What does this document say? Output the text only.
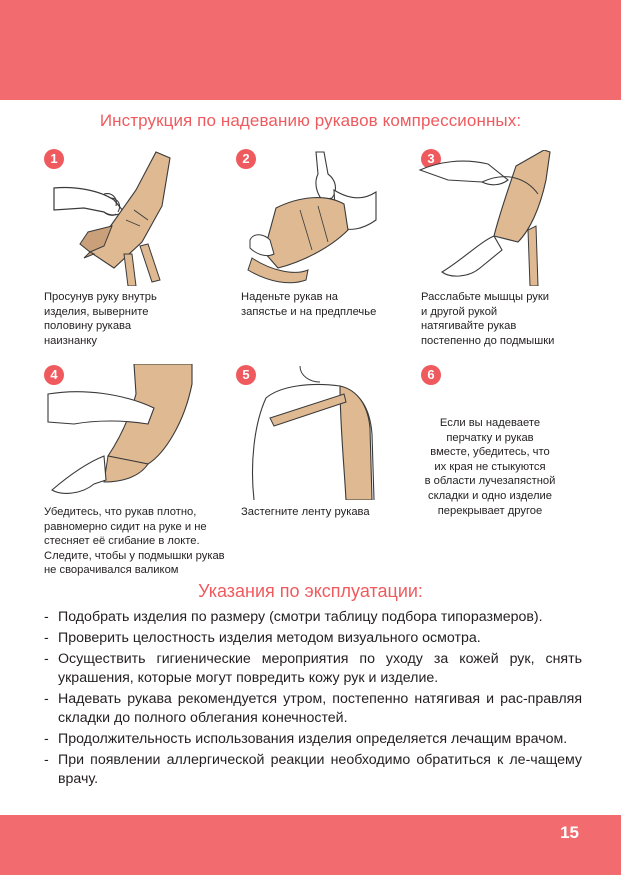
Инструкция по надеванию рукавов компрессионных:
1
Просунув руку внутрь
изделия, выверните
половину рукава
наизнанку
2
Наденьте рукав на
запястье и на предплечье
3
Расслабьте мышцы руки
и другой рукой
натягивайте рукав
постепенно до подмышки
4
Убедитесь, что рукав плотно,
равномерно сидит на руке и не
стесняет её сгибание в локте.
Следите, чтобы у подмышки рукав
не сворачивался валиком
5
Застегните ленту рукава
6
Если вы надеваете
перчатку и рукав
вместе, убедитесь, что
их края не стыкуются
в области лучезапястной
складки и одно изделие
перекрывает другое
Указания по эксплуатации:
- Подобрать изделия по размеру (смотри таблицу подбора типоразмеров).
- Проверить целостность изделия методом визуального осмотра.
- Осуществить гигиенические мероприятия по уходу за кожей рук, снять украшения, которые могут повредить кожу рук и изделие.
- Надевать рукава рекомендуется утром, постепенно натягивая и рас-правляя складки до полного облегания конечностей.
- Продолжительность использования изделия определяется лечащим врачом.
- При появлении аллергической реакции необходимо обратиться к ле-чащему врачу.
15
